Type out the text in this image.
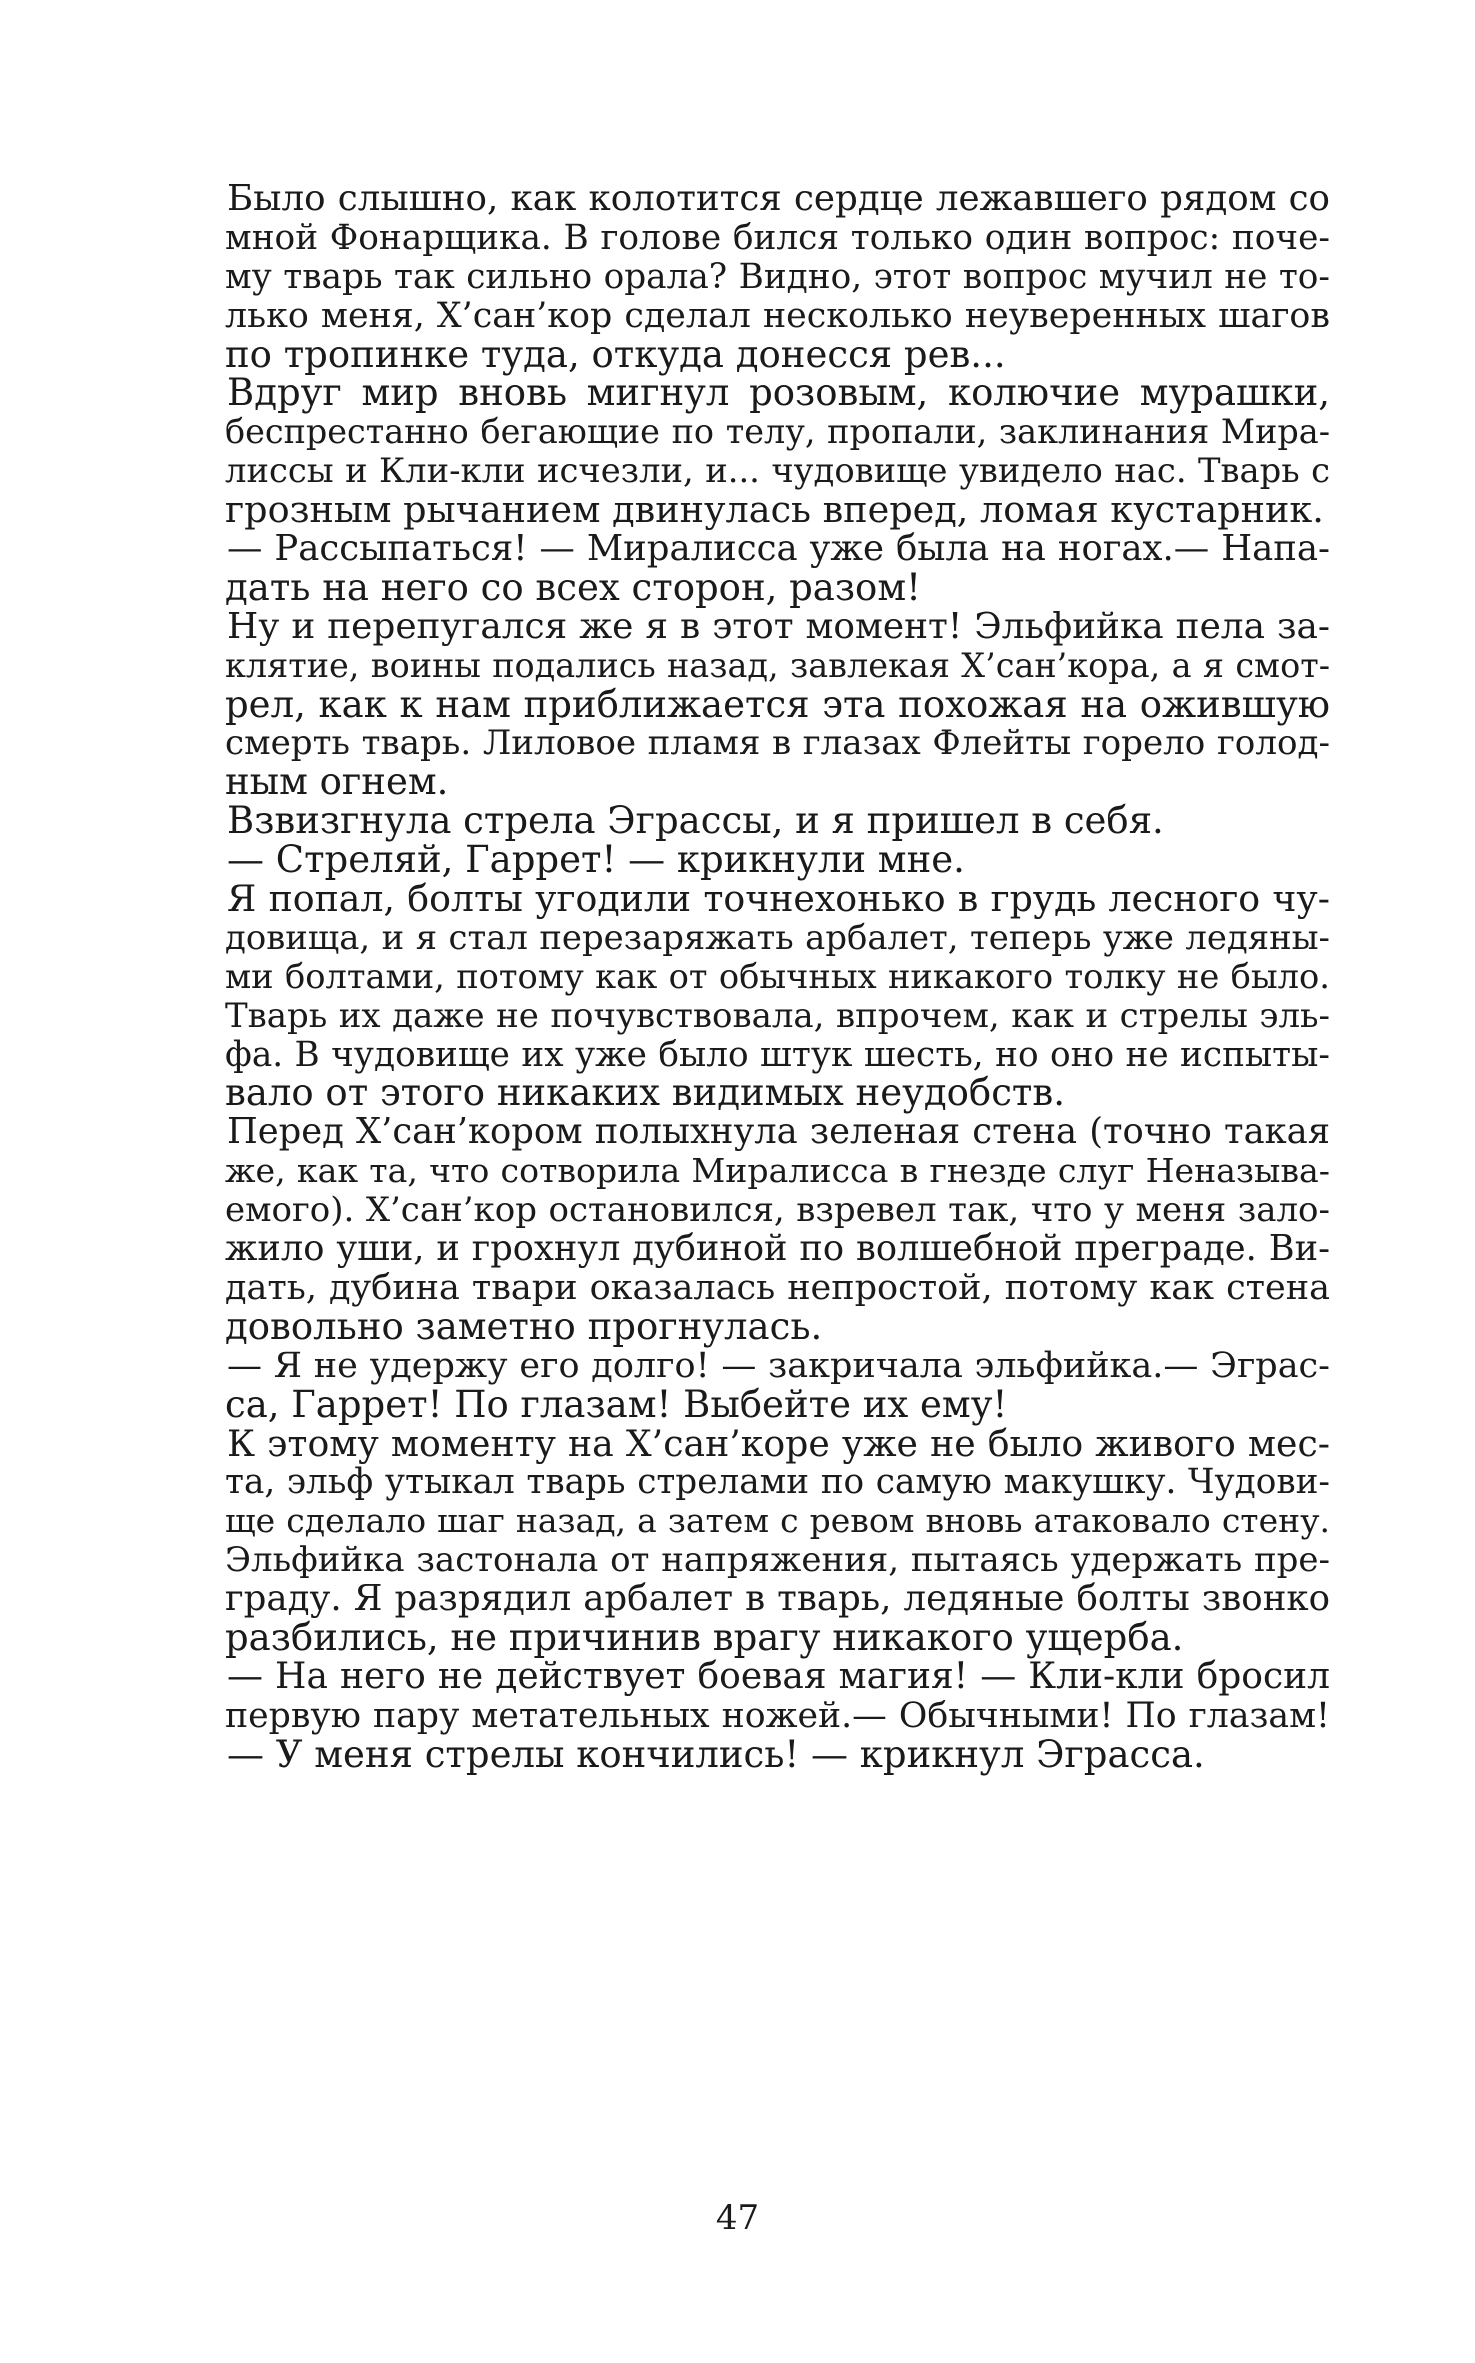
Было слышно, как колотится сердце лежавшего рядом со
мной Фонарщика. В голове бился только один вопрос: поче-
му тварь так сильно орала? Видно, этот вопрос мучил не то-
лько меня, Х’сан’кор сделал несколько неуверенных шагов
по тропинке туда, откуда донесся рев...
Вдруг мир вновь мигнул розовым, колючие мурашки,
беспрестанно бегающие по телу, пропали, заклинания Мира-
лиссы и Кли-кли исчезли, и... чудовище увидело нас. Тварь с
грозным рычанием двинулась вперед, ломая кустарник.
— Рассыпаться! — Миралисса уже была на ногах.— Напа-
дать на него со всех сторон, разом!
Ну и перепугался же я в этот момент! Эльфийка пела за-
клятие, воины подались назад, завлекая Х’сан’кора, а я смот-
рел, как к нам приближается эта похожая на ожившую
смерть тварь. Лиловое пламя в глазах Флейты горело голод-
ным огнем.
Взвизгнула стрела Эграссы, и я пришел в себя.
— Стреляй, Гаррет! — крикнули мне.
Я попал, болты угодили точнехонько в грудь лесного чу-
довища, и я стал перезаряжать арбалет, теперь уже ледяны-
ми болтами, потому как от обычных никакого толку не было.
Тварь их даже не почувствовала, впрочем, как и стрелы эль-
фа. В чудовище их уже было штук шесть, но оно не испыты-
вало от этого никаких видимых неудобств.
Перед Х’сан’кором полыхнула зеленая стена (точно такая
же, как та, что сотворила Миралисса в гнезде слуг Неназыва-
емого). Х’сан’кор остановился, взревел так, что у меня зало-
жило уши, и грохнул дубиной по волшебной преграде. Ви-
дать, дубина твари оказалась непростой, потому как стена
довольно заметно прогнулась.
— Я не удержу его долго! — закричала эльфийка.— Эграс-
са, Гаррет! По глазам! Выбейте их ему!
К этому моменту на Х’сан’коре уже не было живого мес-
та, эльф утыкал тварь стрелами по самую макушку. Чудови-
ще сделало шаг назад, а затем с ревом вновь атаковало стену.
Эльфийка застонала от напряжения, пытаясь удержать пре-
граду. Я разрядил арбалет в тварь, ледяные болты звонко
разбились, не причинив врагу никакого ущерба.
— На него не действует боевая магия! — Кли-кли бросил
первую пару метательных ножей.— Обычными! По глазам!
— У меня стрелы кончились! — крикнул Эграсса.
47
